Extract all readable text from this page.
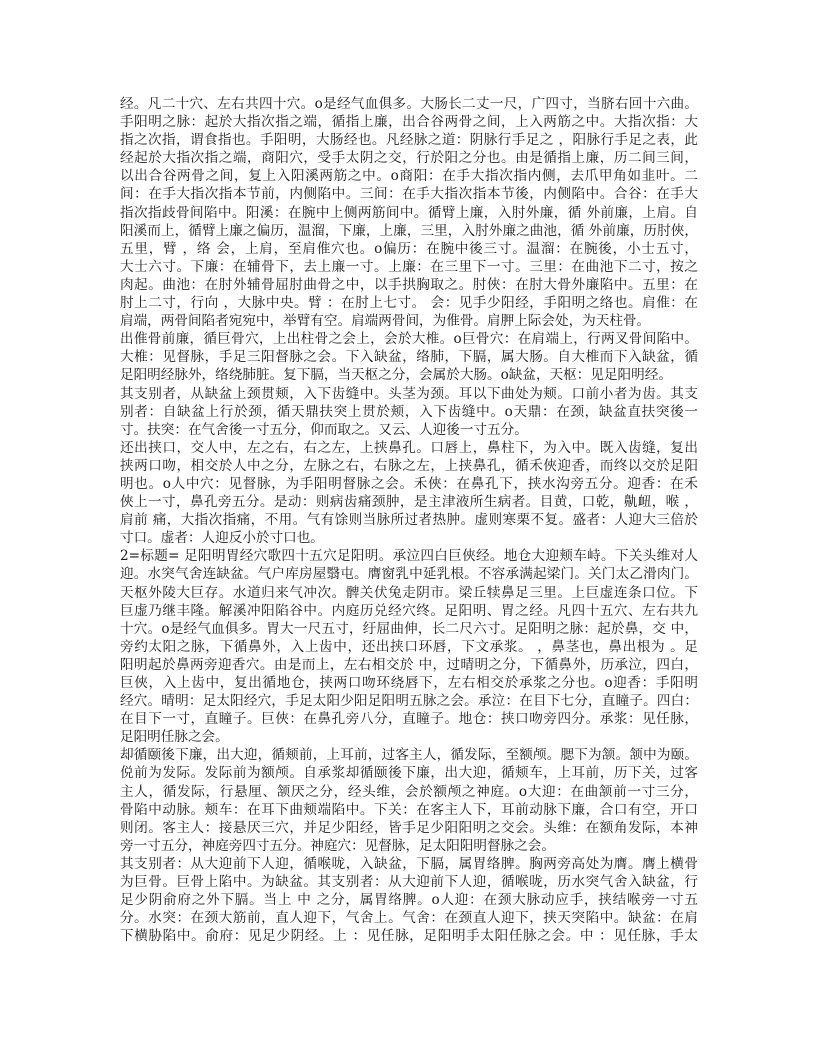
经。凡二十穴、左右共四十穴。o是经气血俱多。大肠长二丈一尺，广四寸，当脐右回十六曲。
手阳明之脉：起於大指次指之端，循指上廉，出合谷两骨之间，上入两筋之中。大指次指：大
指之次指，谓食指也。手阳明，大肠经也。凡经脉之道：阴脉行手足之 ，阳脉行手足之表，此
经起於大指次指之端，商阳穴，受手太阴之交，行於阳之分也。由是循指上廉，历二间三间，
以出合谷两骨之间，复上入阳溪两筋之中。o商阳：在手大指次指内侧，去爪甲角如韭叶。二
间：在手大指次指本节前，内侧陷中。三间：在手大指次指本节後，内侧陷中。合谷：在手大
指次指歧骨间陷中。阳溪：在腕中上侧两筋间中。循臂上廉，入肘外廉，循 外前廉，上肩。自
阳溪而上，循臂上廉之偏历，温溜，下廉，上廉，三里，入肘外廉之曲池，循 外前廉，历肘俠，
五里，臂 ，络 会，上肩，至肩倠穴也。o偏历：在腕中後三寸。温溜：在腕後，小士五寸，
大士六寸。下廉：在辅骨下，去上廉一寸。上廉：在三里下一寸。三里：在曲池下二寸，按之
肉起。曲池：在肘外辅骨屈肘曲骨之中，以手拱胸取之。肘俠：在肘大骨外廉陷中。五里：在
肘上二寸，行向 ，大脉中央。臂 ：在肘上七寸。 会：见手少阳经，手阳明之络也。肩倠：在
肩端，两骨间陷者宛宛中，举臂有空。肩端两骨间，为倠骨。肩胛上际会处，为天柱骨。
出倠骨前廉，循巨骨穴，上出柱骨之会上，会於大椎。o巨骨穴：在肩端上，行两叉骨间陷中。
大椎：见督脉，手足三阳督脉之会。下入缺盆，络肺，下膈，属大肠。自大椎而下入缺盆，循
足阳明经脉外，络绕肺脏。复下膈，当天枢之分，会属於大肠。o缺盆，天枢：见足阳明经。
其支别者，从缺盆上颈贯颊，入下齿缝中。头茎为颈。耳以下曲处为颊。口前小者为齿。其支
别者：自缺盆上行於颈，循天鼎扶突上贯於颊，入下齿缝中。o天鼎：在颈，缺盆直扶突後一
寸。扶突：在气舍後一寸五分，仰而取之。又云、人迎後一寸五分。
还出挟口，交人中，左之右，右之左，上挟鼻孔。口唇上，鼻柱下，为入中。既入齿缝，复出
挟两口吻，相交於人中之分，左脉之右，右脉之左，上挟鼻孔，循禾俠迎香，而终以交於足阳
明也。o人中穴：见督脉，为手阳明督脉之会。禾俠：在鼻孔下，挟水沟旁五分。迎香：在禾
俠上一寸，鼻孔旁五分。是动：则病齿痛颈肿，是主津液所生病者。目黄，口乾，鼽衄，喉 ，
肩前 痛，大指次指痛，不用。气有馀则当脉所过者热肿。虚则寒栗不复。盛者：人迎大三倍於
寸口。虚者：人迎反小於寸口也。
2=标题= 足阳明胃经穴歌四十五穴足阳明。承泣四白巨俠经。地仓大迎颊车峙。下关头维对人
迎。水突气舍连缺盆。气户库房屋翳屯。膺窗乳中延乳根。不容承满起梁门。关门太乙滑肉门。
天枢外陵大巨存。水道归来气冲次。髀关伏兔走阴市。梁丘犊鼻足三里。上巨虚连条口位。下
巨虚乃继丰隆。解溪冲阳陷谷中。内庭历兑经穴终。足阳明、胃之经。凡四十五穴、左右共九
十穴。o是经气血俱多。胃大一尺五寸，纡屈曲伸，长二尺六寸。足阳明之脉：起於鼻，交 中，
旁约太阳之脉，下循鼻外，入上齿中，还出挟口环唇，下文承浆。 ，鼻茎也，鼻出根为 。足
阳明起於鼻两旁迎香穴。由是而上，左右相交於 中，过晴明之分，下循鼻外，历承泣，四白，
巨俠，入上齿中，复出循地仓，挟两口吻环绕唇下，左右相交於承浆之分也。o迎香：手阳明
经穴。晴明：足太阳经穴，手足太阳少阳足阳明五脉之会。承泣：在目下七分，直瞳子。四白：
在目下一寸，直瞳子。巨俠：在鼻孔旁八分，直瞳子。地仓：挟口吻旁四分。承浆：见任脉，
足阳明任脉之会。
却循颐後下廉，出大迎，循颊前，上耳前，过客主人，循发际，至额颅。腮下为颔。颔中为颐。
侻前为发际。发际前为额颅。自承浆却循颐後下廉，出大迎，循颊车，上耳前，历下关，过客
主人，循发际，行悬厘、颔厌之分，经头维，会於额颅之神庭。o大迎：在曲颔前一寸三分，
骨陷中动脉。颊车：在耳下曲颊端陷中。下关：在客主人下，耳前动脉下廉，合口有空，开口
则闭。客主人：接悬厌三穴，并足少阳经，皆手足少阳阳明之交会。头维：在额角发际，本神
旁一寸五分，神庭旁四寸五分。神庭穴：见督脉，足太阳阳明督脉之会。
其支别者：从大迎前下人迎，循喉咙，入缺盆，下膈，属胃络脾。胸两旁高处为膺。膺上横骨
为巨骨。巨骨上陷中。为缺盆。其支别者：从大迎前下人迎，循喉咙，历水突气舍入缺盆，行
足少阴俞府之外下膈。当上 中 之分，属胃络脾。o人迎：在颈大脉动应手，挟结喉旁一寸五
分。水突：在颈大筋前，直人迎下，气舍上。气舍：在颈直人迎下，挟天突陷中。缺盆：在肩
下横胁陷中。俞府：见足少阴经。上 ：见任脉，足阳明手太阳任脉之会。中 ：见任脉，手太
